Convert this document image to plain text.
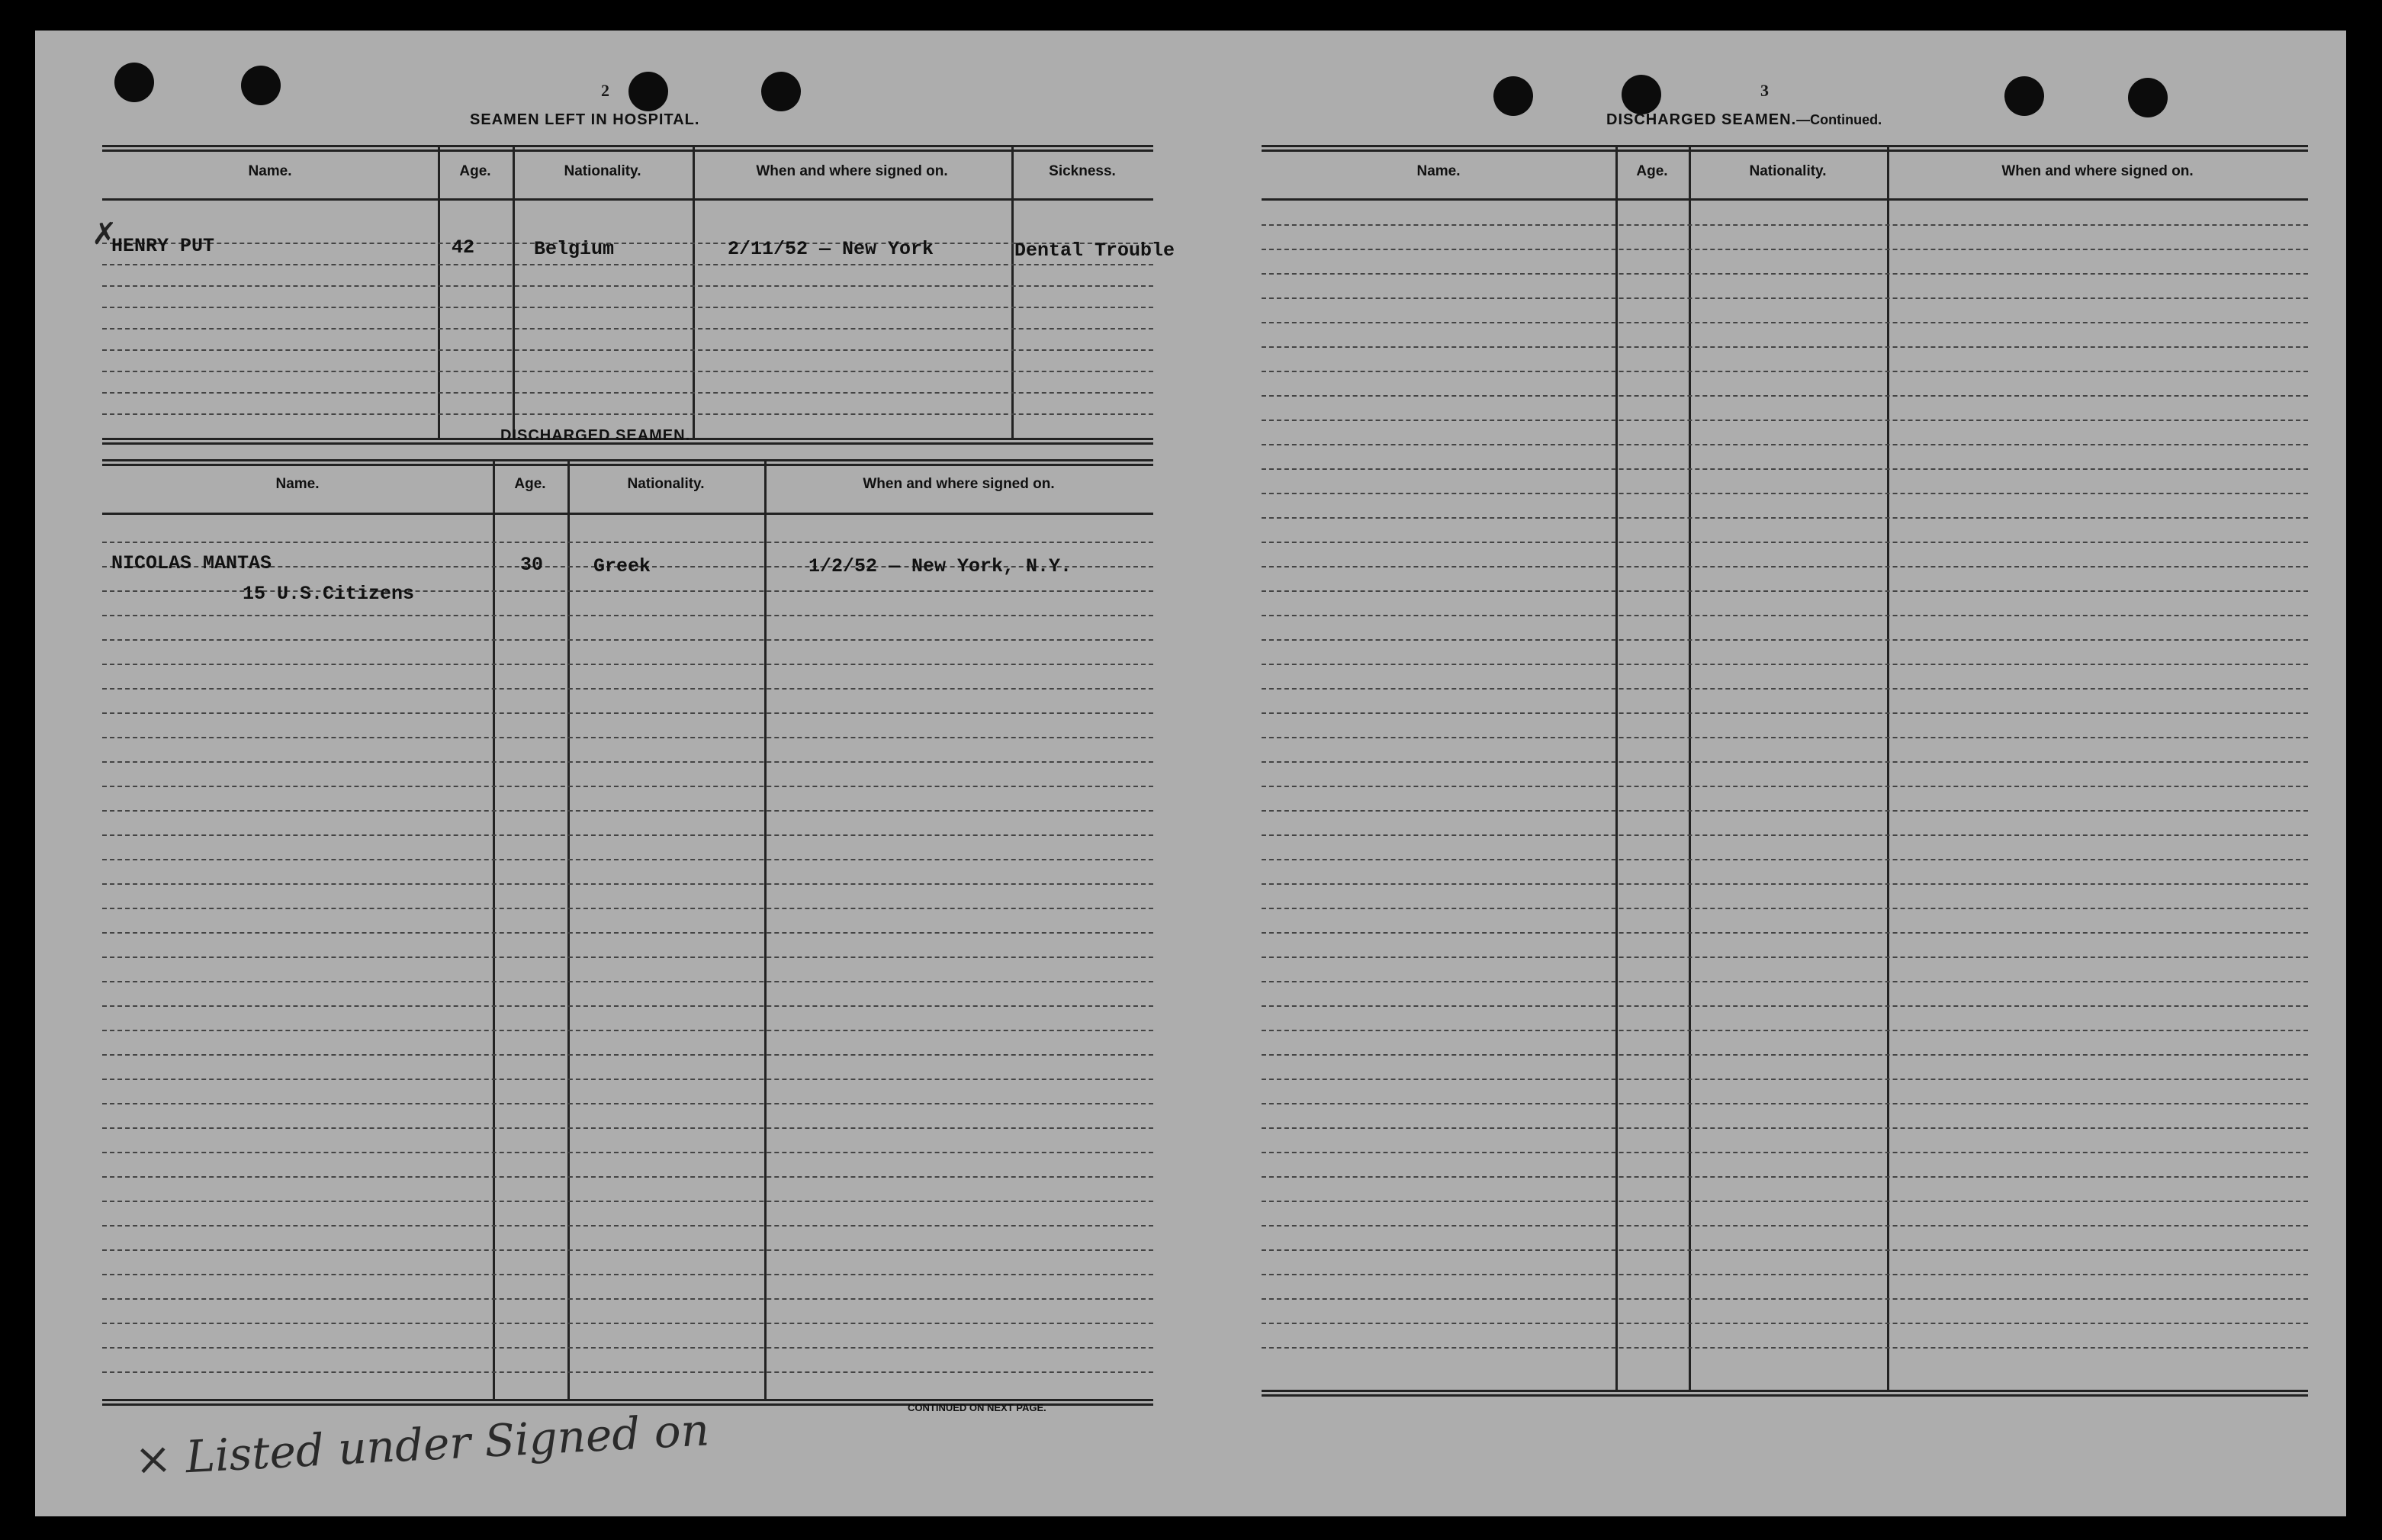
2
SEAMEN LEFT IN HOSPITAL.
Name.	Age.	Nationality.	When and where signed on.	Sickness.
✗
HENRY PUT	42	Belgium	2/11/52 — New York	Dental Trouble
DISCHARGED SEAMEN.
Name.	Age.	Nationality.	When and where signed on.
NICOLAS MANTAS	30	Greek	1/2/52 — New York, N.Y.
15 U.S.Citizens
CONTINUED ON NEXT PAGE.
× Listed under Signed on
3
DISCHARGED SEAMEN.—Continued.
Name.	Age.	Nationality.	When and where signed on.
